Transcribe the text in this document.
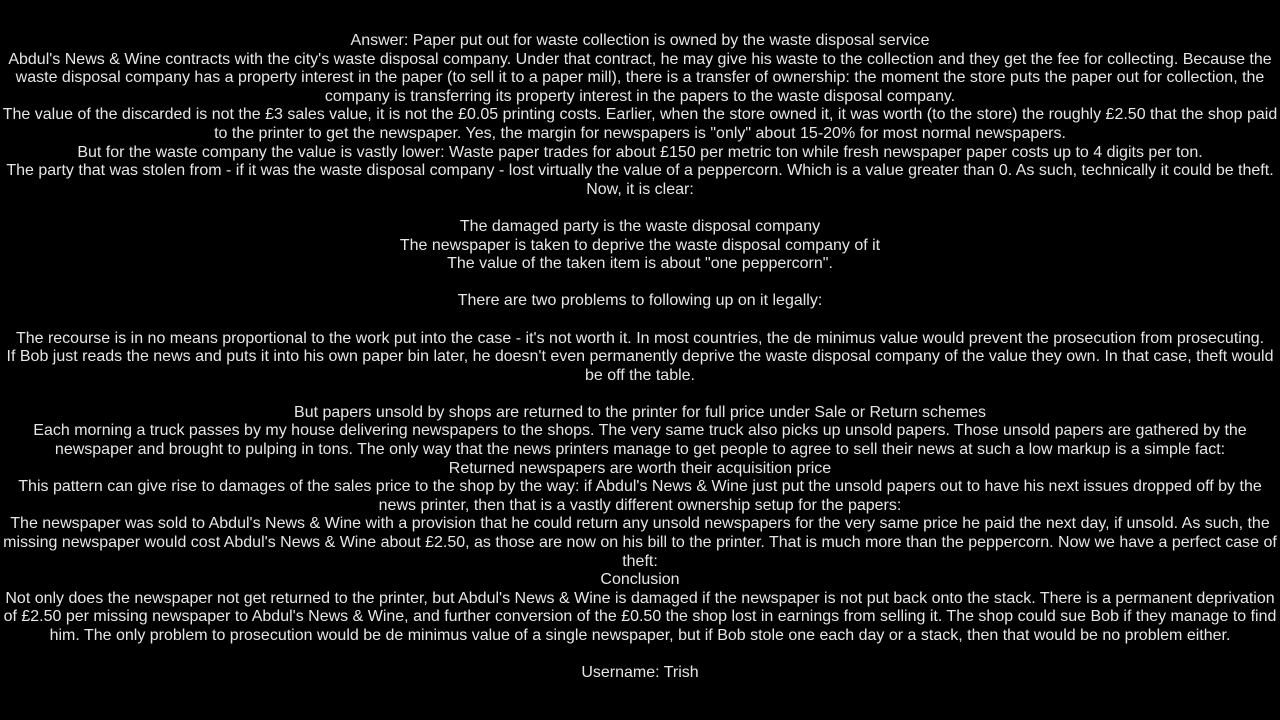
Answer: Paper put out for waste collection is owned by the waste disposal service

Abdul's News & Wine contracts with the city's waste disposal company. Under that contract, he may give his waste to the collection and they get the fee for collecting. Because the waste disposal company has a property interest in the paper (to sell it to a paper mill), there is a transfer of ownership: the moment the store puts the paper out for collection, the company is transferring its property interest in the papers to the waste disposal company.

The value of the discarded is not the £3 sales value, it is not the £0.05 printing costs. Earlier, when the store owned it, it was worth (to the store) the roughly £2.50 that the shop paid to the printer to get the newspaper. Yes, the margin for newspapers is "only" about 15-20% for most normal newspapers.

But for the waste company the value is vastly lower: Waste paper trades for about £150 per metric ton while fresh newspaper paper costs up to 4 digits per ton.

The party that was stolen from - if it was the waste disposal company - lost virtually the value of a peppercorn. Which is a value greater than 0. As such, technically it could be theft.

Now, it is clear:

The damaged party is the waste disposal company

The newspaper is taken to deprive the waste disposal company of it

The value of the taken item is about "one peppercorn".

There are two problems to following up on it legally:

The recourse is in no means proportional to the work put into the case - it's not worth it. In most countries, the de minimus value would prevent the prosecution from prosecuting.

If Bob just reads the news and puts it into his own paper bin later, he doesn't even permanently deprive the waste disposal company of the value they own. In that case, theft would be off the table.

But papers unsold by shops are returned to the printer for full price under Sale or Return schemes

Each morning a truck passes by my house delivering newspapers to the shops. The very same truck also picks up unsold papers. Those unsold papers are gathered by the newspaper and brought to pulping in tons. The only way that the news printers manage to get people to agree to sell their news at such a low markup is a simple fact:

Returned newspapers are worth their acquisition price

This pattern can give rise to damages of the sales price to the shop by the way: if Abdul's News & Wine just put the unsold papers out to have his next issues dropped off by the news printer, then that is a vastly different ownership setup for the papers:

The newspaper was sold to Abdul's News & Wine with a provision that he could return any unsold newspapers for the very same price he paid the next day, if unsold. As such, the missing newspaper would cost Abdul's News & Wine about £2.50, as those are now on his bill to the printer. That is much more than the peppercorn. Now we have a perfect case of theft:

Conclusion

Not only does the newspaper not get returned to the printer, but Abdul's News & Wine is damaged if the newspaper is not put back onto the stack. There is a permanent deprivation of £2.50 per missing newspaper to Abdul's News & Wine, and further conversion of the £0.50 the shop lost in earnings from selling it. The shop could sue Bob if they manage to find him. The only problem to prosecution would be de minimus value of a single newspaper, but if Bob stole one each day or a stack, then that would be no problem either.

Username: Trish
